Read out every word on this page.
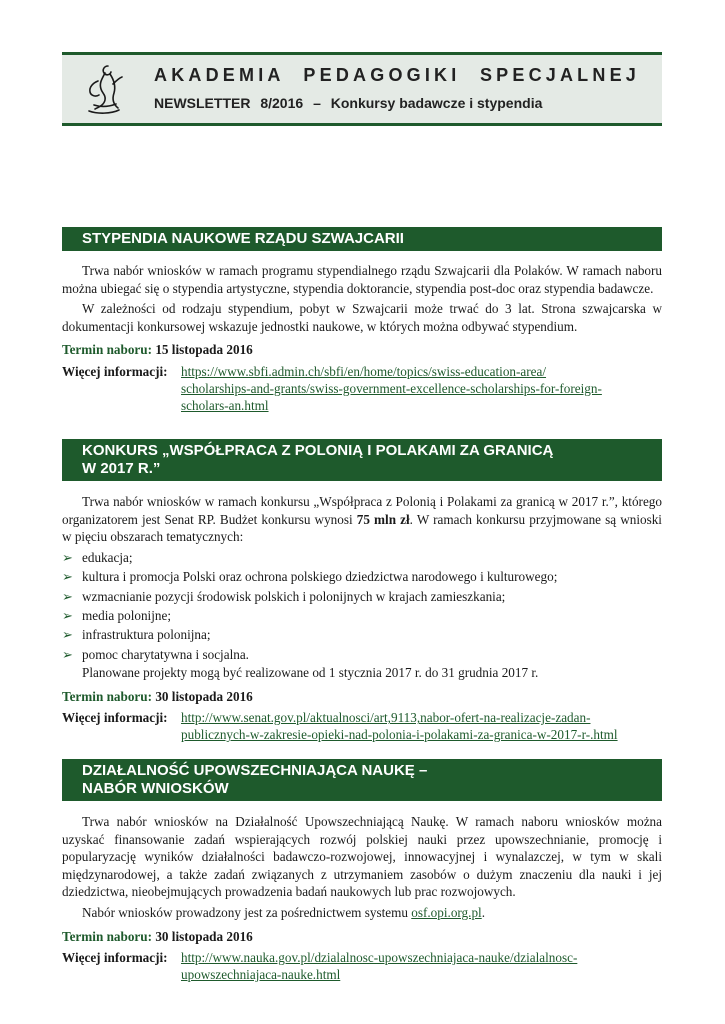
AKADEMIA PEDAGOGIKI SPECJALNEJ
NEWSLETTER 8/2016 – Konkursy badawcze i stypendia
STYPENDIA NAUKOWE RZĄDU SZWAJCARII

Trwa nabór wniosków w ramach programu stypendialnego rządu Szwajcarii dla Polaków. W ramach naboru można ubiegać się o stypendia artystyczne, stypendia doktorancie, stypendia post-doc oraz stypendia badawcze.

W zależności od rodzaju stypendium, pobyt w Szwajcarii może trwać do 3 lat. Strona szwajcarska w dokumentacji konkursowej wskazuje jednostki naukowe, w których można odbywać stypendium.

Termin naboru: 15 listopada 2016
Więcej informacji:	https://www.sbfi.admin.ch/sbfi/en/home/topics/swiss-education-area/
scholarships-and-grants/swiss-government-excellence-scholarships-for-foreign-
scholars-an.html
KONKURS „WSPÓŁPRACA Z POLONIĄ I POLAKAMI ZA GRANICĄ
W 2017 R.”

Trwa nabór wniosków w ramach konkursu „Współpraca z Polonią i Polakami za granicą w 2017 r.”, którego organizatorem jest Senat RP. Budżet konkursu wynosi 75 mln zł. W ramach konkursu przyjmowane są wnioski w pięciu obszarach tematycznych:

➢ edukacja;
➢ kultura i promocja Polski oraz ochrona polskiego dziedzictwa narodowego i kulturowego;
➢ wzmacnianie pozycji środowisk polskich i polonijnych w krajach zamieszkania;
➢ media polonijne;
➢ infrastruktura polonijna;
➢ pomoc charytatywna i socjalna.

Planowane projekty mogą być realizowane od 1 stycznia 2017 r. do 31 grudnia 2017 r.

Termin naboru: 30 listopada 2016
Więcej informacji:	http://www.senat.gov.pl/aktualnosci/art,9113,nabor-ofert-na-realizacje-zadan-
publicznych-w-zakresie-opieki-nad-polonia-i-polakami-za-granica-w-2017-r-.html
DZIAŁALNOŚĆ UPOWSZECHNIAJĄCA NAUKĘ –
NABÓR WNIOSKÓW

Trwa nabór wniosków na Działalność Upowszechniającą Naukę. W ramach naboru wniosków można uzyskać finansowanie zadań wspierających rozwój polskiej nauki przez upowszechnianie, promocję i popularyzację wyników działalności badawczo-rozwojowej, innowacyjnej i wynalazczej, w tym w skali międzynarodowej, a także zadań związanych z utrzymaniem zasobów o dużym znaczeniu dla nauki i jej dziedzictwa, nieobejmujących prowadzenia badań naukowych lub prac rozwojowych.

Nabór wniosków prowadzony jest za pośrednictwem systemu osf.opi.org.pl.

Termin naboru: 30 listopada 2016
Więcej informacji:	http://www.nauka.gov.pl/dzialalnosc-upowszechniajaca-nauke/dzialalnosc-
upowszechniajaca-nauke.html
